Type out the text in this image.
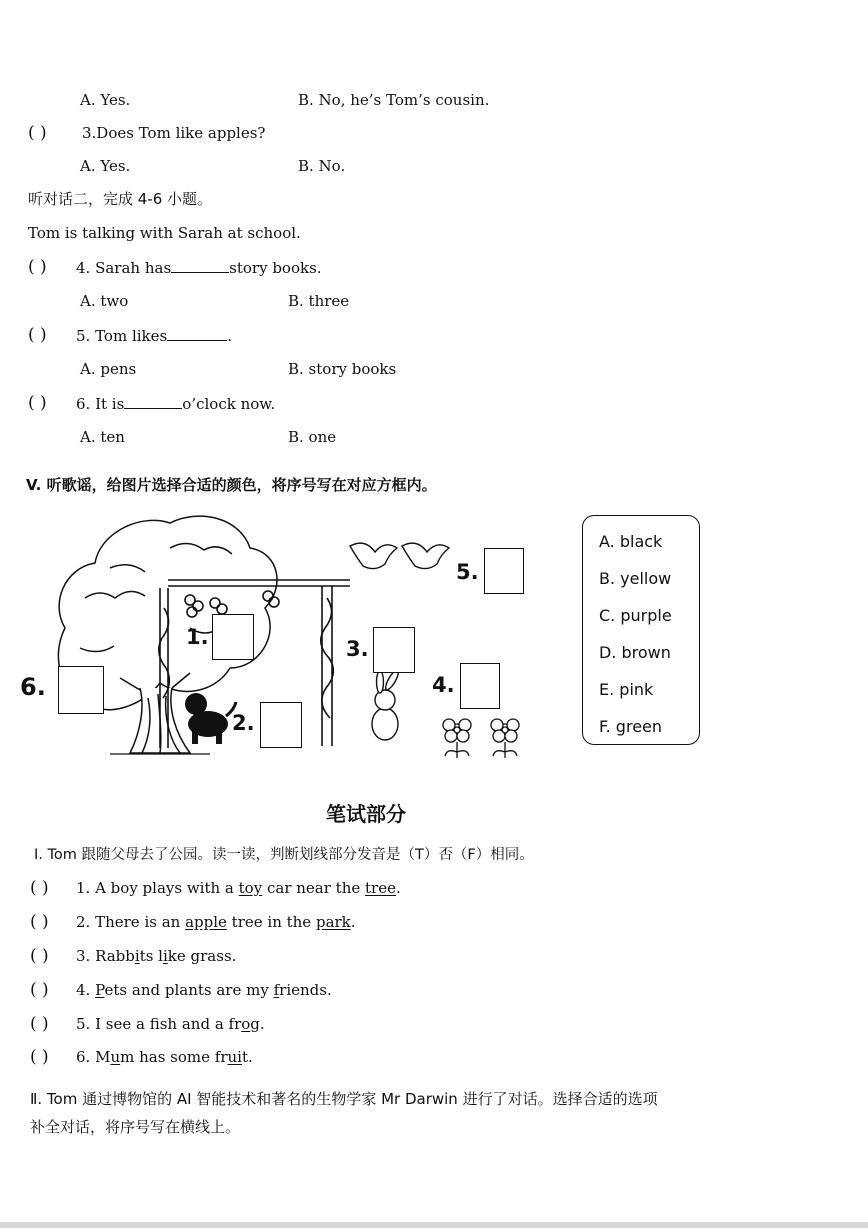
A. Yes.	B. No, he’s Tom’s cousin.
( ) 3.Does Tom like apples?
A. Yes.	B. No.
听对话二，完成 4-6 小题。
Tom is talking with Sarah at school.
( ) 4. Sarah has	story books.
A. two	B. three
( ) 5. Tom likes	.
A. pens	B. story books
( ) 6. It is	o’clock now.
A. ten	B. one
V. 听歌谣，给图片选择合适的颜色，将序号写在对应方框内。
1.
2.
3.
4.
5.
6.
A. black
B. yellow
C. purple
D. brown
E. pink
F. green
笔试部分
Ⅰ. Tom 跟随父母去了公园。读一读，判断划线部分发音是（T）否（F）相同。
( ) 1. A boy plays with a toy car near the tree.
( ) 2. There is an apple tree in the park.
( ) 3. Rabbits like grass.
( ) 4. Pets and plants are my friends.
( ) 5. I see a fsh and a frog.
( ) 6. Mum has some fruit.
Ⅱ. Tom 通过博物馆的 AI 智能技术和著名的生物学家 Mr Darwin 进行了对话。选择合适的选项
补全对话，将序号写在横线上。
